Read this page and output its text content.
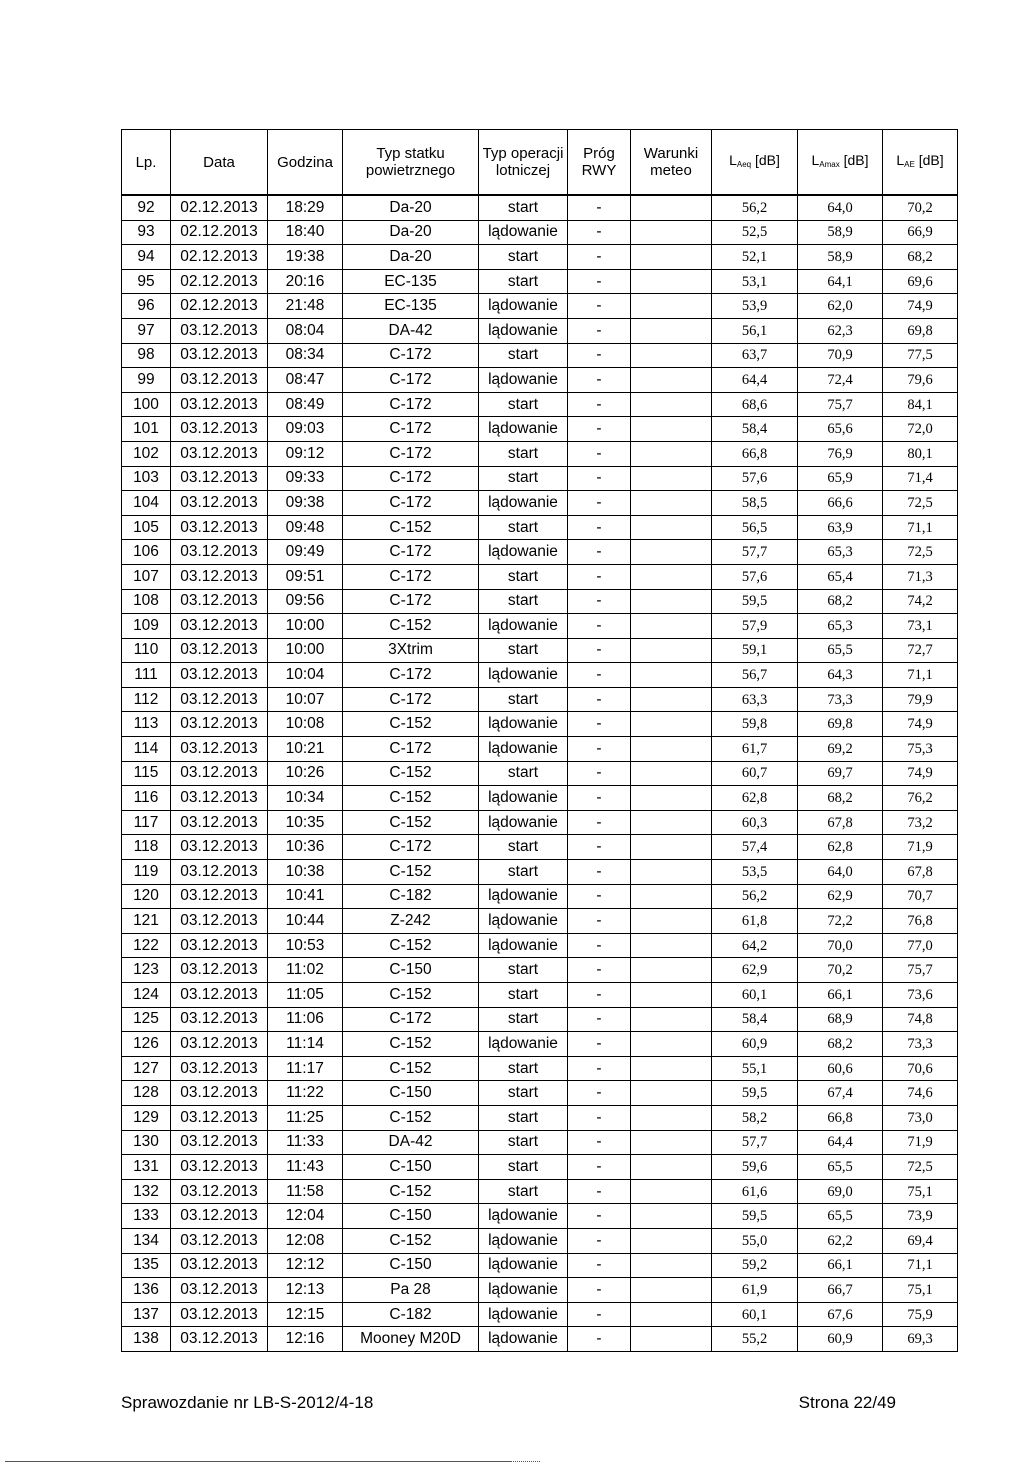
Lp.	Data	Godzina	Typ statku powietrznego	Typ operacji lotniczej	Próg RWY	Warunki meteo	$L_{Aeq}$ [dB]	$L_{Amax}$ [dB]	$L_{AE}$ [dB]
92	02.12.2013	18:29	Da-20	start	-		56,2	64,0	70,2
93	02.12.2013	18:40	Da-20	lądowanie	-		52,5	58,9	66,9
94	02.12.2013	19:38	Da-20	start	-		52,1	58,9	68,2
95	02.12.2013	20:16	EC-135	start	-		53,1	64,1	69,6
96	02.12.2013	21:48	EC-135	lądowanie	-		53,9	62,0	74,9
97	03.12.2013	08:04	DA-42	lądowanie	-		56,1	62,3	69,8
98	03.12.2013	08:34	C-172	start	-		63,7	70,9	77,5
99	03.12.2013	08:47	C-172	lądowanie	-		64,4	72,4	79,6
100	03.12.2013	08:49	C-172	start	-		68,6	75,7	84,1
101	03.12.2013	09:03	C-172	lądowanie	-		58,4	65,6	72,0
102	03.12.2013	09:12	C-172	start	-		66,8	76,9	80,1
103	03.12.2013	09:33	C-172	start	-		57,6	65,9	71,4
104	03.12.2013	09:38	C-172	lądowanie	-		58,5	66,6	72,5
105	03.12.2013	09:48	C-152	start	-		56,5	63,9	71,1
106	03.12.2013	09:49	C-172	lądowanie	-		57,7	65,3	72,5
107	03.12.2013	09:51	C-172	start	-		57,6	65,4	71,3
108	03.12.2013	09:56	C-172	start	-		59,5	68,2	74,2
109	03.12.2013	10:00	C-152	lądowanie	-		57,9	65,3	73,1
110	03.12.2013	10:00	3Xtrim	start	-		59,1	65,5	72,7
111	03.12.2013	10:04	C-172	lądowanie	-		56,7	64,3	71,1
112	03.12.2013	10:07	C-172	start	-		63,3	73,3	79,9
113	03.12.2013	10:08	C-152	lądowanie	-		59,8	69,8	74,9
114	03.12.2013	10:21	C-172	lądowanie	-		61,7	69,2	75,3
115	03.12.2013	10:26	C-152	start	-		60,7	69,7	74,9
116	03.12.2013	10:34	C-152	lądowanie	-		62,8	68,2	76,2
117	03.12.2013	10:35	C-152	lądowanie	-		60,3	67,8	73,2
118	03.12.2013	10:36	C-172	start	-		57,4	62,8	71,9
119	03.12.2013	10:38	C-152	start	-		53,5	64,0	67,8
120	03.12.2013	10:41	C-182	lądowanie	-		56,2	62,9	70,7
121	03.12.2013	10:44	Z-242	lądowanie	-		61,8	72,2	76,8
122	03.12.2013	10:53	C-152	lądowanie	-		64,2	70,0	77,0
123	03.12.2013	11:02	C-150	start	-		62,9	70,2	75,7
124	03.12.2013	11:05	C-152	start	-		60,1	66,1	73,6
125	03.12.2013	11:06	C-172	start	-		58,4	68,9	74,8
126	03.12.2013	11:14	C-152	lądowanie	-		60,9	68,2	73,3
127	03.12.2013	11:17	C-152	start	-		55,1	60,6	70,6
128	03.12.2013	11:22	C-150	start	-		59,5	67,4	74,6
129	03.12.2013	11:25	C-152	start	-		58,2	66,8	73,0
130	03.12.2013	11:33	DA-42	start	-		57,7	64,4	71,9
131	03.12.2013	11:43	C-150	start	-		59,6	65,5	72,5
132	03.12.2013	11:58	C-152	start	-		61,6	69,0	75,1
133	03.12.2013	12:04	C-150	lądowanie	-		59,5	65,5	73,9
134	03.12.2013	12:08	C-152	lądowanie	-		55,0	62,2	69,4
135	03.12.2013	12:12	C-150	lądowanie	-		59,2	66,1	71,1
136	03.12.2013	12:13	Pa 28	lądowanie	-		61,9	66,7	75,1
137	03.12.2013	12:15	C-182	lądowanie	-		60,1	67,6	75,9
138	03.12.2013	12:16	Mooney M20D	lądowanie	-		55,2	60,9	69,3
Sprawozdanie nr LB-S-2012/4-18	Strona 22/49
